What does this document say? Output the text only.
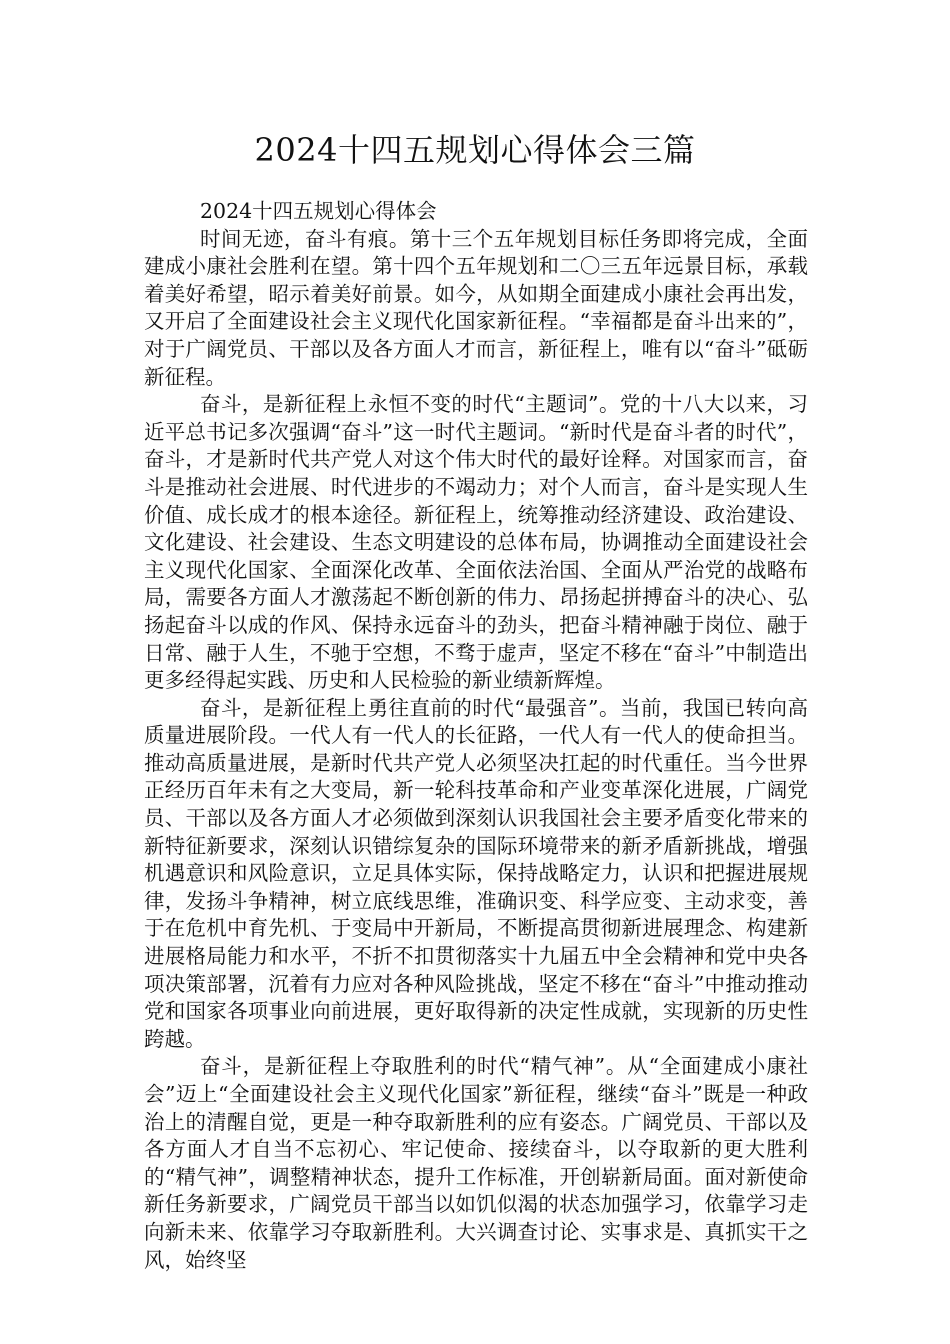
2024十四五规划心得体会三篇

2024十四五规划心得体会

时间无迹，奋斗有痕。第十三个五年规划目标任务即将完成，全面建成小康社会胜利在望。第十四个五年规划和二〇三五年远景目标，承载着美好希望，昭示着美好前景。如今，从如期全面建成小康社会再出发，又开启了全面建设社会主义现代化国家新征程。“幸福都是奋斗出来的”，对于广阔党员、干部以及各方面人才而言，新征程上，唯有以“奋斗”砥砺新征程。

奋斗，是新征程上永恒不变的时代“主题词”。党的十八大以来，习近平总书记多次强调“奋斗”这一时代主题词。“新时代是奋斗者的时代”，奋斗，才是新时代共产党人对这个伟大时代的最好诠释。对国家而言，奋斗是推动社会进展、时代进步的不竭动力；对个人而言，奋斗是实现人生价值、成长成才的根本途径。新征程上，统筹推动经济建设、政治建设、文化建设、社会建设、生态文明建设的总体布局，协调推动全面建设社会主义现代化国家、全面深化改革、全面依法治国、全面从严治党的战略布局，需要各方面人才激荡起不断创新的伟力、昂扬起拼搏奋斗的决心、弘扬起奋斗以成的作风、保持永远奋斗的劲头，把奋斗精神融于岗位、融于日常、融于人生，不驰于空想，不骛于虚声，坚定不移在“奋斗”中制造出更多经得起实践、历史和人民检验的新业绩新辉煌。

奋斗，是新征程上勇往直前的时代“最强音”。当前，我国已转向高质量进展阶段。一代人有一代人的长征路，一代人有一代人的使命担当。推动高质量进展，是新时代共产党人必须坚决扛起的时代重任。当今世界正经历百年未有之大变局，新一轮科技革命和产业变革深化进展，广阔党员、干部以及各方面人才必须做到深刻认识我国社会主要矛盾变化带来的新特征新要求，深刻认识错综复杂的国际环境带来的新矛盾新挑战，增强机遇意识和风险意识，立足具体实际，保持战略定力，认识和把握进展规律，发扬斗争精神，树立底线思维，准确识变、科学应变、主动求变，善于在危机中育先机、于变局中开新局，不断提高贯彻新进展理念、构建新进展格局能力和水平，不折不扣贯彻落实十九届五中全会精神和党中央各项决策部署，沉着有力应对各种风险挑战，坚定不移在“奋斗”中推动推动党和国家各项事业向前进展，更好取得新的决定性成就，实现新的历史性跨越。

奋斗，是新征程上夺取胜利的时代“精气神”。从“全面建成小康社会”迈上“全面建设社会主义现代化国家”新征程，继续“奋斗”既是一种政治上的清醒自觉，更是一种夺取新胜利的应有姿态。广阔党员、干部以及各方面人才自当不忘初心、牢记使命、接续奋斗，以夺取新的更大胜利的“精气神”，调整精神状态，提升工作标准，开创崭新局面。面对新使命新任务新要求，广阔党员干部当以如饥似渴的状态加强学习，依靠学习走向新未来、依靠学习夺取新胜利。大兴调查讨论、实事求是、真抓实干之风，始终坚
